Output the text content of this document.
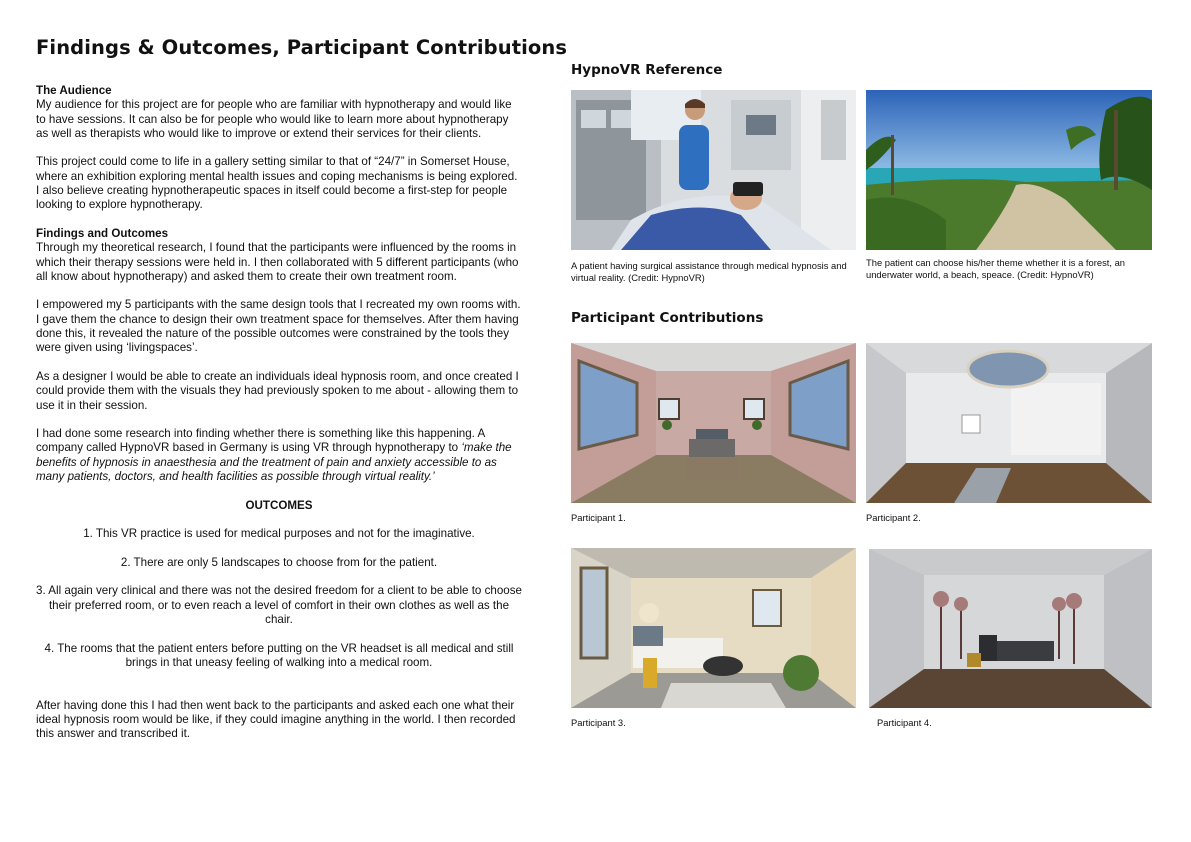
Findings & Outcomes, Participant Contributions
The Audience

My audience for this project are for people who are familiar with hypnotherapy and would like to have sessions. It can also be for people who would like to learn more about hypnotherapy as well as therapists who would like to improve or extend their services for their clients.

This project could come to life in a gallery setting similar to that of “24/7” in Somerset House, where an exhibition exploring mental health issues and coping mechanisms is being explored. I also believe creating hypnotherapeutic spaces in itself could become a first-step for people looking to explore hypnotherapy.

Findings and Outcomes

Through my theoretical research, I found that the participants were influenced by the rooms in which their therapy sessions were held in. I then collaborated with 5 different participants (who all know about hypnotherapy) and asked them to create their own treatment room.

I empowered my 5 participants with the same design tools that I recreated my own rooms with. I gave them the chance to design their own treatment space for themselves. After them having done this, it revealed the nature of the possible outcomes were constrained by the tools they were given using ‘livingspaces’.

As a designer I would be able to create an individuals ideal hypnosis room, and once created I could provide them with the visuals they had previously spoken to me about - allowing them to use it in their session.

I had done some research into finding whether there is something like this happening. A company called HypnoVR based in Germany is using VR through hypnotherapy to ‘make the benefits of hypnosis in anaesthesia and the treatment of pain and anxiety accessible to as many patients, doctors, and health facilities as possible through virtual reality.’

OUTCOMES

1. This VR practice is used for medical purposes and not for the imaginative.

2. There are only 5 landscapes to choose from for the patient.

3. All again very clinical and there was not the desired freedom for a client to be able to choose their preferred room, or to even reach a level of comfort in their own clothes as well as the chair.

4. The rooms that the patient enters before putting on the VR headset is all medical and still brings in that uneasy feeling of walking into a medical room.

After having done this I had then went back to the participants and asked each one what their ideal hypnosis room would be like, if they could imagine anything in the world. I then recorded this answer and transcribed it.

HypnoVR Reference

A patient having surgical assistance through medical hypnosis and virtual reality. (Credit: HypnoVR)

The patient can choose his/her theme whether it is a forest, an underwater world, a beach, speace. (Credit: HypnoVR)

Participant Contributions

Participant 1.	Participant 2.

Participant 3.	Participant 4.
